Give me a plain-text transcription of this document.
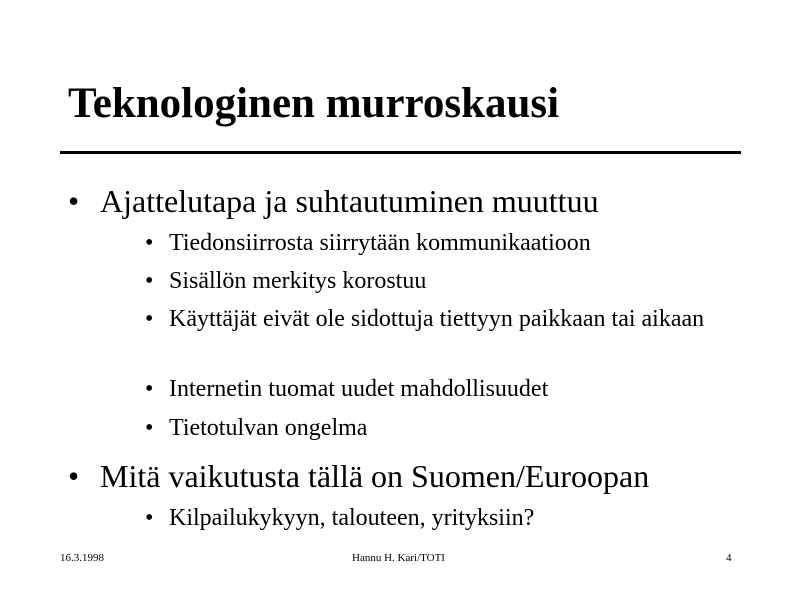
Teknologinen murroskausi
• Ajattelutapa ja suhtautuminen muuttuu
• Tiedonsiirrosta siirrytään kommunikaatioon
• Sisällön merkitys korostuu
• Käyttäjät eivät ole sidottuja tiettyyn paikkaan tai aikaan
• Internetin tuomat uudet mahdollisuudet
• Tietotulvan ongelma
• Mitä vaikutusta tällä on Suomen/Euroopan
• Kilpailukykyyn, talouteen, yrityksiin?
16.3.1998	Hannu H. Kari/TOTI	4
